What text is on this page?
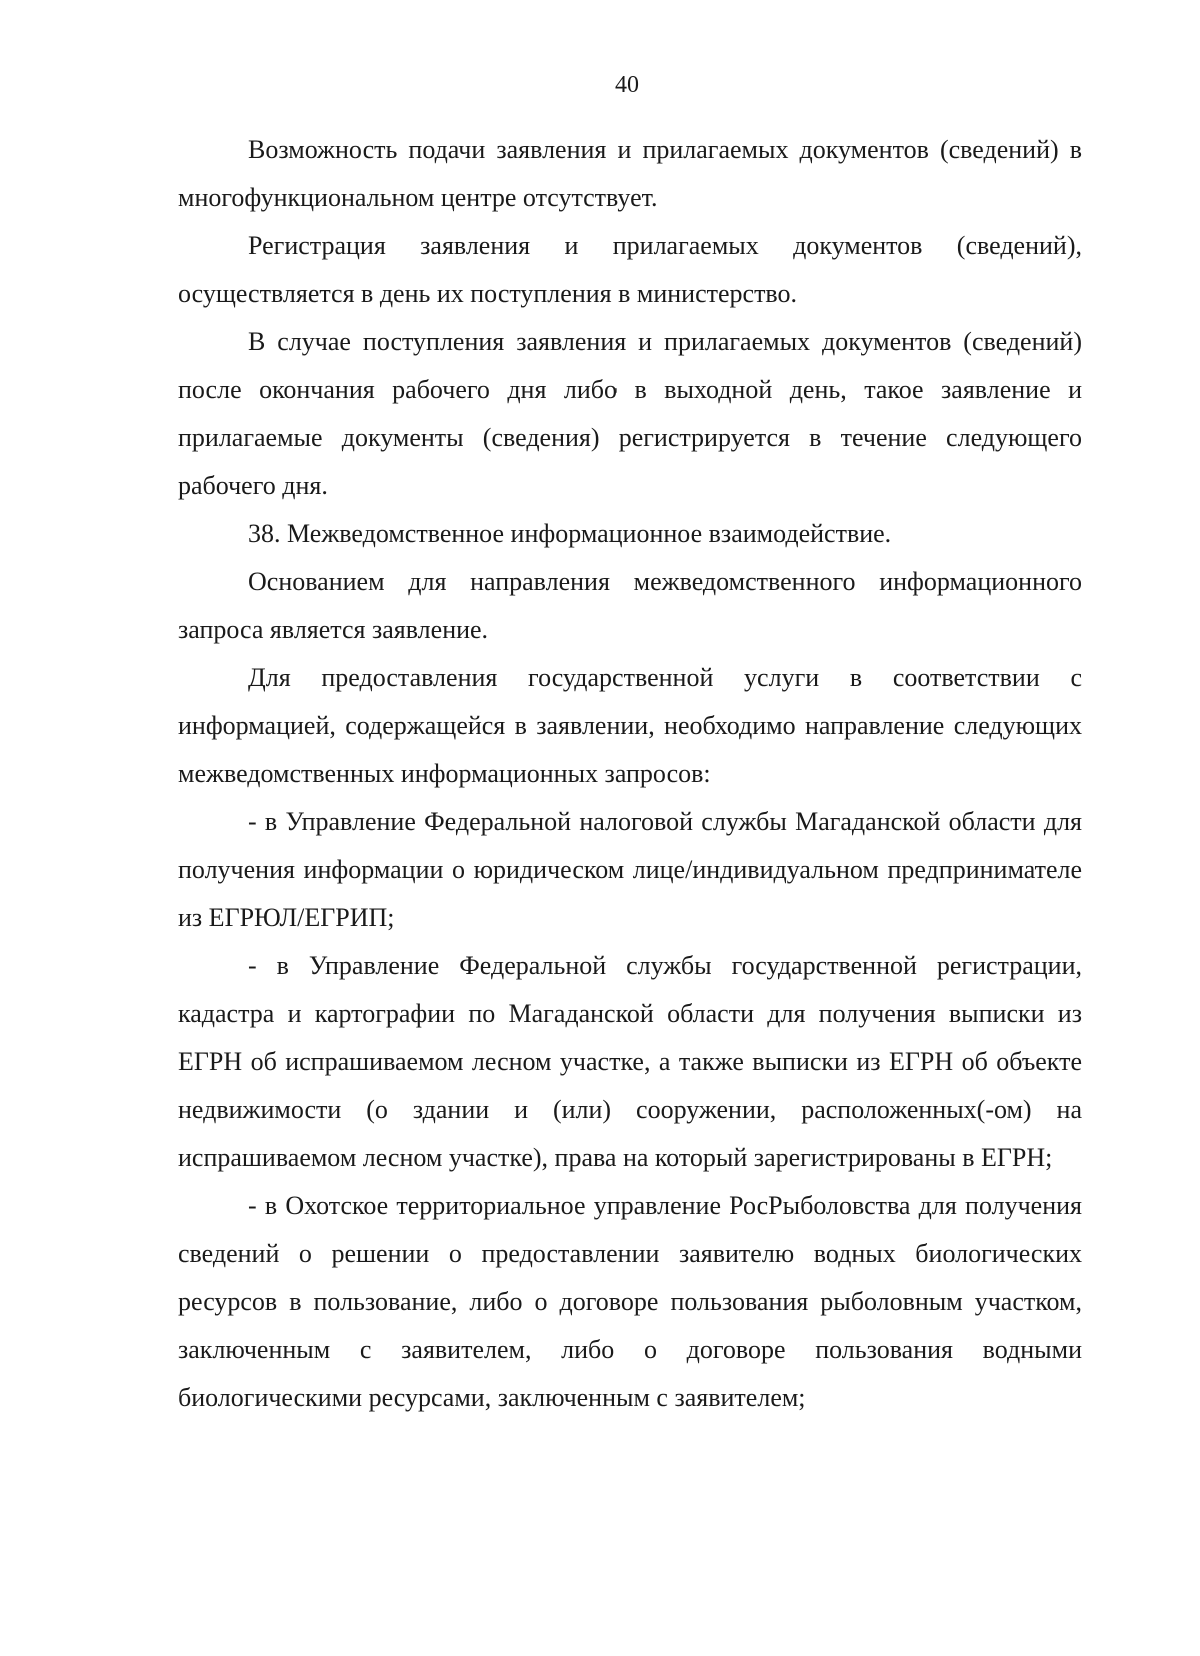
40

Возможность подачи заявления и прилагаемых документов (сведений) в многофункциональном центре отсутствует.

Регистрация заявления и прилагаемых документов (сведений), осуществляется в день их поступления в министерство.

В случае поступления заявления и прилагаемых документов (сведений) после окончания рабочего дня либо в выходной день, такое заявление и прилагаемые документы (сведения) регистрируется в течение следующего рабочего дня.

38. Межведомственное информационное взаимодействие.

Основанием для направления межведомственного информационного запроса является заявление.

Для предоставления государственной услуги в соответствии с информацией, содержащейся в заявлении, необходимо направление следующих межведомственных информационных запросов:

- в Управление Федеральной налоговой службы Магаданской области для получения информации о юридическом лице/индивидуальном предпринимателе из ЕГРЮЛ/ЕГРИП;

- в Управление Федеральной службы государственной регистрации, кадастра и картографии по Магаданской области для получения выписки из ЕГРН об испрашиваемом лесном участке, а также выписки из ЕГРН об объекте недвижимости (о здании и (или) сооружении, расположенных(-ом) на испрашиваемом лесном участке), права на который зарегистрированы в ЕГРН;

- в Охотское территориальное управление РосРыболовства для получения сведений о решении о предоставлении заявителю водных биологических ресурсов в пользование, либо о договоре пользования рыболовным участком, заключенным с заявителем, либо о договоре пользования водными биологическими ресурсами, заключенным с заявителем;
